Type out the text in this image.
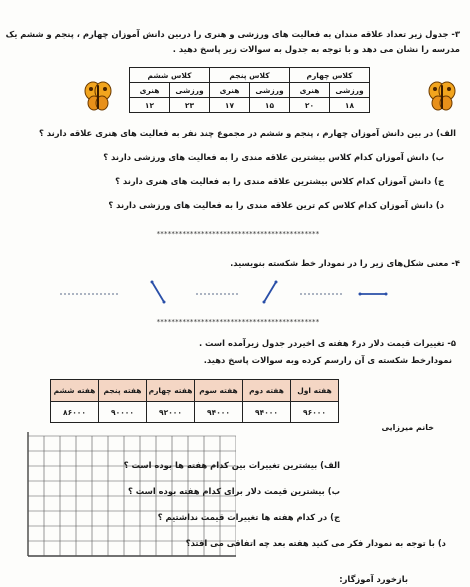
۳- جدول زیر تعداد علاقه مندان به فعالیت های ورزشی و هنری را دربین دانش آموزان چهارم ، پنجم و ششم یک
مدرسه را نشان می دهد و با توجه به جدول به سوالات زیر پاسخ دهید .
کلاس چهارم		کلاس پنجم		کلاس ششم	
ورزشی	هنری	ورزشی	هنری	ورزشی	هنری
۱۸	۲۰	۱۵	۱۷	۲۳	۱۲
الف) در بین دانش آموزان چهارم ، پنجم و ششم در مجموع چند نفر به فعالیت های هنری علاقه دارند ؟
ب) دانش آموزان کدام کلاس بیشترین علاقه مندی را به فعالیت های ورزشی دارند ؟
ج) دانش آموزان کدام کلاس بیشترین علاقه مندی را به فعالیت های هنری دارند ؟
د) دانش آموزان کدام کلاس کم ترین علاقه مندی را به فعالیت های ورزشی دارند ؟
********************************************
۴- معنی شکل‌های زیر را در نمودار خط شکسته بنویسید.
********************************************
۵- تغییرات قیمت دلار در۶ هفته ی اخیردر جدول زیرآمده است .
نمودارخط شکسته ی آن رارسم کرده وبه سوالات پاسخ دهید.
هفته اول	هفته دوم	هفته سوم	هفته چهارم	هفته پنجم	هفته ششم
۹۶۰۰۰	۹۴۰۰۰	۹۴۰۰۰	۹۲۰۰۰	۹۰۰۰۰	۸۶۰۰۰
خانم میرزایی
الف) بیشترین تغییرات بین کدام هفته ها بوده است ؟
ب) بیشترین قیمت دلار برای کدام هفته بوده است ؟
ج) در کدام هفته ها تغییرات قیمت نداشتیم ؟
د) با توجه به نمودار فکر می کنید هفته بعد چه اتفاقی می افتد؟
بازخورد آموزگار:
